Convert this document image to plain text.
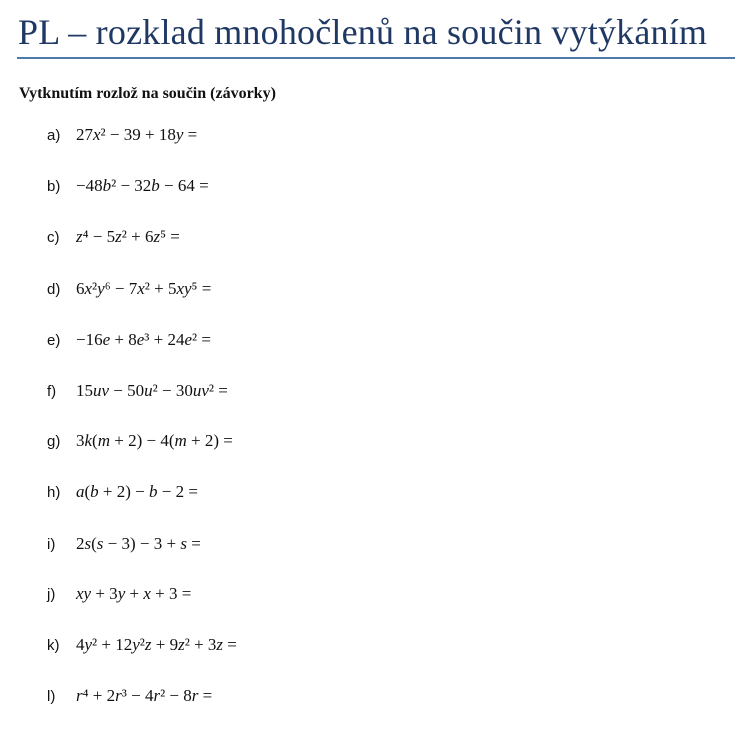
PL – rozklad mnohočlenů na součin vytýkáním
Vytknutím rozlož na součin (závorky)
a) 27x² − 39 + 18y =
b) −48b² − 32b − 64 =
c) z⁴ − 5z² + 6z⁵ =
d) 6x²y⁶ − 7x² + 5xy⁵ =
e) −16e + 8e³ + 24e² =
f)	15uv − 50u² − 30uv² =
g) 3k(m + 2) − 4(m + 2) =
h) a(b + 2) − b − 2 =
i)	2s(s − 3) − 3 + s =
j)	xy + 3y + x + 3 =
k) 4y² + 12y²z + 9z² + 3z =
l)	r⁴ + 2r³ − 4r² − 8r =
